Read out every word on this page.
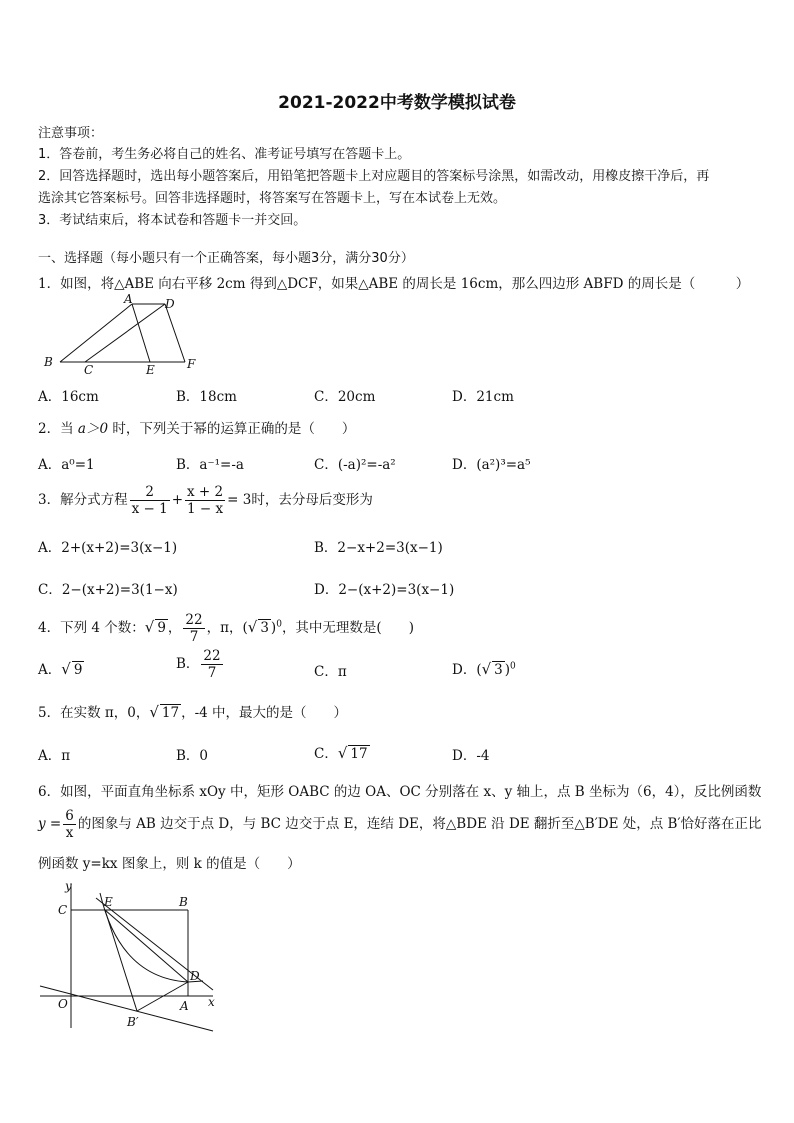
2021-2022中考数学模拟试卷
注意事项：
1．答卷前，考生务必将自己的姓名、准考证号填写在答题卡上。
2．回答选择题时，选出每小题答案后，用铅笔把答题卡上对应题目的答案标号涂黑，如需改动，用橡皮擦干净后，再
选涂其它答案标号。回答非选择题时，将答案写在答题卡上，写在本试卷上无效。
3．考试结束后，将本试卷和答题卡一并交回。
一、选择题（每小题只有一个正确答案，每小题3分，满分30分）
1．如图，将△ABE 向右平移 2cm 得到△DCF，如果△ABE 的周长是 16cm，那么四边形 ABFD 的周长是（　　　）
A	D
B
C	E	F
A．16cm	B．18cm	C．20cm	D．21cm
2．当 a＞0 时，下列关于幂的运算正确的是（　　）
A．a⁰=1	B．a⁻¹=-a	C．(-a)²=-a²	D．(a²)³=a⁵
3．解分式方程 $\frac{2}{x - 1} + \frac{x + 2}{1 - x} = 3$时，去分母后变形为
A．2+(x+2)=3(x−1)	B．2−x+2=3(x−1)
C．2−(x+2)=3(1−x)	D．2−(x+2)=3(x−1)
4．下列 4 个数：√ 9 ， $\frac{22}{7}$ ，π，(√ 3 )$^0$，其中无理数是(　　)
A．√ 9	B． $\frac{22}{7}$	C．π	D．(√ 3 )$^0$
5．在实数 π，0，√ 17 ，-4 中，最大的是（　　）
A．π	B．0	C．√ 17	D．-4
6．如图，平面直角坐标系 xOy 中，矩形 OABC 的边 OA、OC 分别落在 x、y 轴上，点 B 坐标为（6，4），反比例函数
$y = \frac{6}{x}$ 的图象与 AB 边交于点 D，与 BC 边交于点 E，连结 DE，将△BDE 沿 DE 翻折至△B′DE 处，点 B′恰好落在正比
例函数 y=kx 图象上，则 k 的值是（　　）
y
x
O	A
B
C
D
E
B′
